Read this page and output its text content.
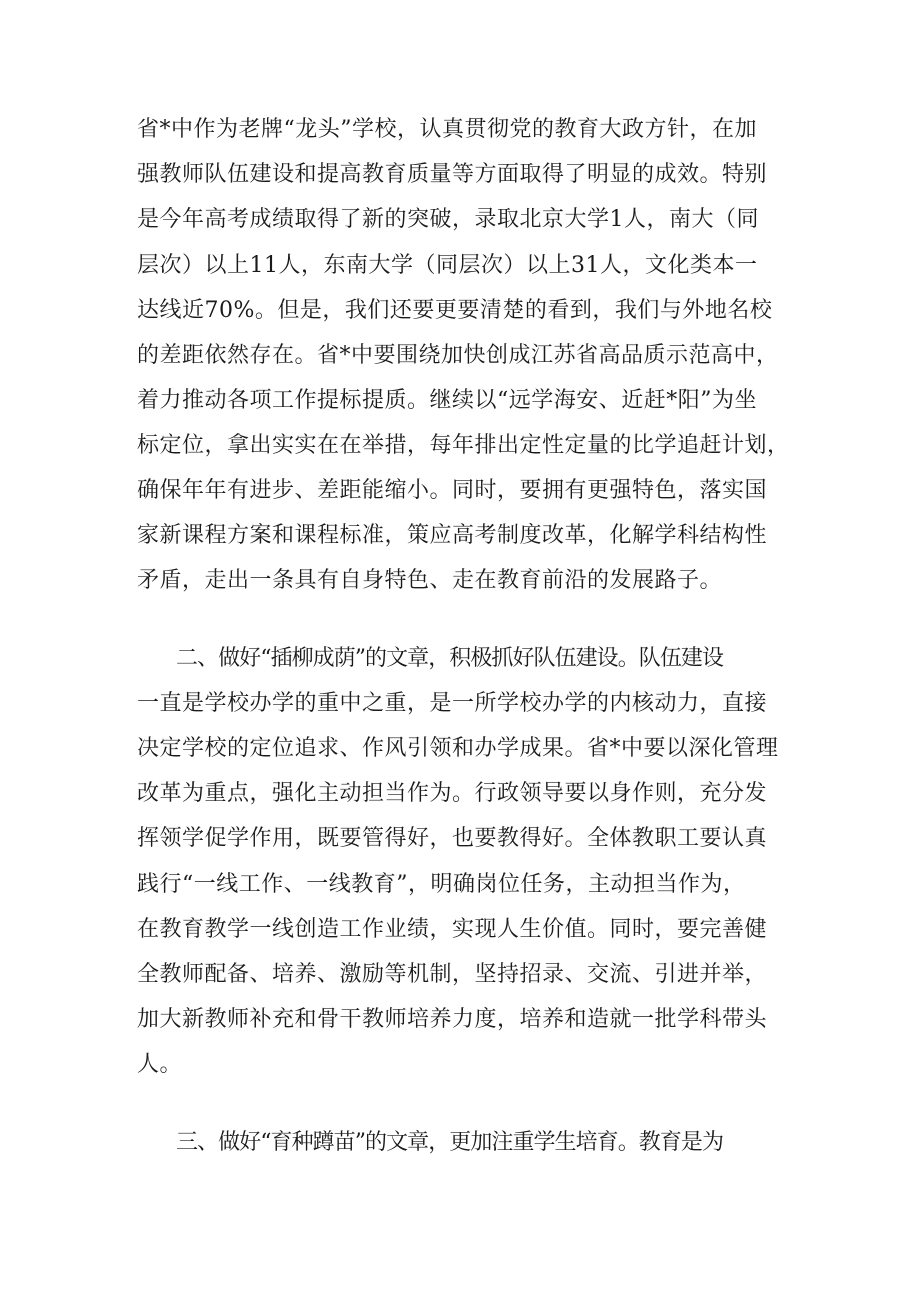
省*中作为老牌“龙头”学校，认真贯彻党的教育大政方针，在加
强教师队伍建设和提高教育质量等方面取得了明显的成效。特别
是今年高考成绩取得了新的突破，录取北京大学1人，南大（同
层次）以上11人，东南大学（同层次）以上31人，文化类本一
达线近70%。但是，我们还要更要清楚的看到，我们与外地名校
的差距依然存在。省*中要围绕加快创成江苏省高品质示范高中，
着力推动各项工作提标提质。继续以“远学海安、近赶*阳”为坐
标定位，拿出实实在在举措，每年排出定性定量的比学追赶计划，
确保年年有进步、差距能缩小。同时，要拥有更强特色，落实国
家新课程方案和课程标准，策应高考制度改革，化解学科结构性
矛盾，走出一条具有自身特色、走在教育前沿的发展路子。
二、做好“插柳成荫”的文章，积极抓好队伍建设。队伍建设
一直是学校办学的重中之重，是一所学校办学的内核动力，直接
决定学校的定位追求、作风引领和办学成果。省*中要以深化管理
改革为重点，强化主动担当作为。行政领导要以身作则，充分发
挥领学促学作用，既要管得好，也要教得好。全体教职工要认真
践行“一线工作、一线教育”，明确岗位任务，主动担当作为，
在教育教学一线创造工作业绩，实现人生价值。同时，要完善健
全教师配备、培养、激励等机制，坚持招录、交流、引进并举，
加大新教师补充和骨干教师培养力度，培养和造就一批学科带头
人。
三、做好“育种蹲苗”的文章，更加注重学生培育。教育是为
